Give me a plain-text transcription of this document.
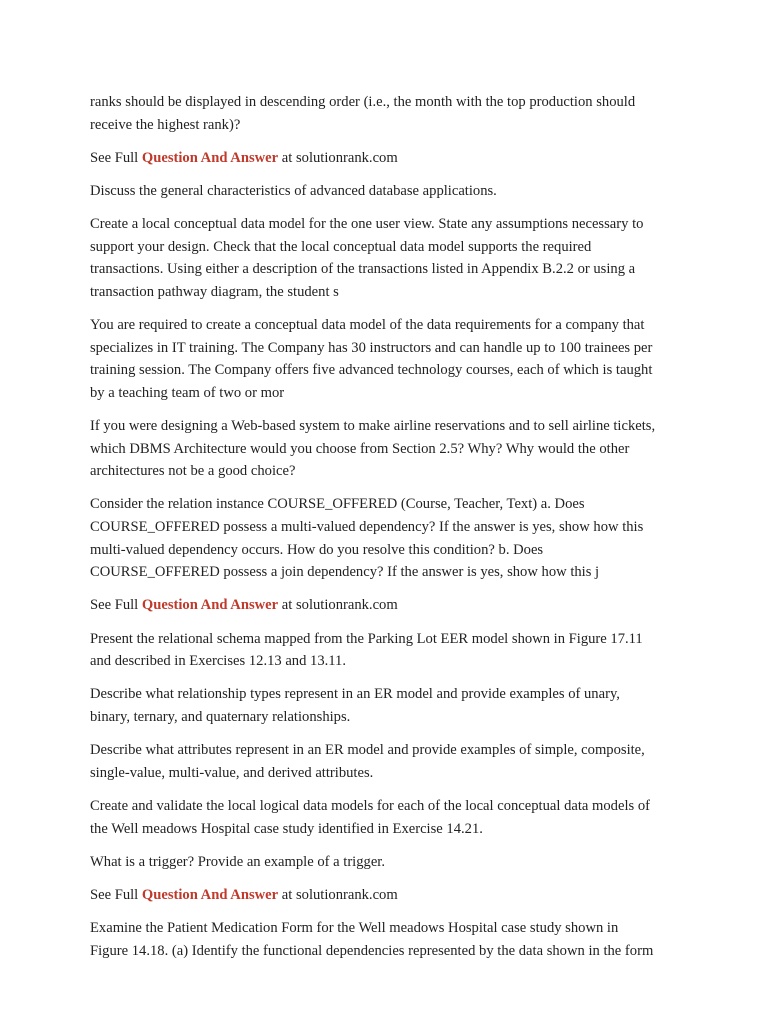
ranks should be displayed in descending order (i.e., the month with the top production should
receive the highest rank)?

See Full Question And Answer at solutionrank.com

Discuss the general characteristics of advanced database applications.

Create a local conceptual data model for the one user view. State any assumptions necessary to
support your design. Check that the local conceptual data model supports the required
transactions. Using either a description of the transactions listed in Appendix B.2.2 or using a
transaction pathway diagram, the student s

You are required to create a conceptual data model of the data requirements for a company that
specializes in IT training. The Company has 30 instructors and can handle up to 100 trainees per
training session. The Company offers five advanced technology courses, each of which is taught
by a teaching team of two or mor

If you were designing a Web-based system to make airline reservations and to sell airline tickets,
which DBMS Architecture would you choose from Section 2.5? Why? Why would the other
architectures not be a good choice?

Consider the relation instance COURSE_OFFERED (Course, Teacher, Text) a. Does
COURSE_OFFERED possess a multi-valued dependency? If the answer is yes, show how this
multi-valued dependency occurs. How do you resolve this condition? b. Does
COURSE_OFFERED possess a join dependency? If the answer is yes, show how this j

See Full Question And Answer at solutionrank.com

Present the relational schema mapped from the Parking Lot EER model shown in Figure 17.11
and described in Exercises 12.13 and 13.11.

Describe what relationship types represent in an ER model and provide examples of unary,
binary, ternary, and quaternary relationships.

Describe what attributes represent in an ER model and provide examples of simple, composite,
single-value, multi-value, and derived attributes.

Create and validate the local logical data models for each of the local conceptual data models of
the Well meadows Hospital case study identified in Exercise 14.21.

What is a trigger? Provide an example of a trigger.

See Full Question And Answer at solutionrank.com

Examine the Patient Medication Form for the Well meadows Hospital case study shown in
Figure 14.18. (a) Identify the functional dependencies represented by the data shown in the form
